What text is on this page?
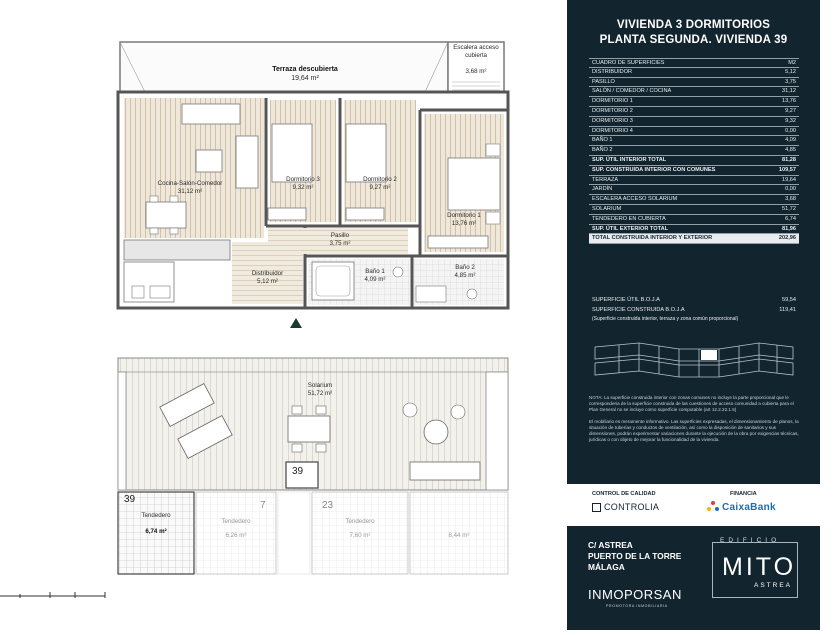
Terraza descubierta
19,64 m²
Escalera acceso cubierta
3,68 m²
Cocina-Salón-Comedor
31,12 m²
Dormitorio 3
9,32 m²
Dormitorio 2
9,27 m²
Dormitorio 1
13,76 m²
Pasillo
3,75 m²
Distribuidor
5,12 m²
Baño 1
4,09 m²
Baño 2
4,85 m²
Solarium
51,72 m²
39
39
Tendedero
6,74 m²
7
Tendedero
6,26 m²
23
Tendedero
7,60 m²	8,44 m²
VIVIENDA 3 DORMITORIOS
PLANTA SEGUNDA. VIVIENDA 39
CUADRO DE SUPERFICIES	M2
DISTRIBUIDOR	5,12
PASILLO	3,75
SALÓN / COMEDOR / COCINA	31,12
DORMITORIO 1	13,76
DORMITORIO 2	9,27
DORMITORIO 3	9,32
DORMITORIO 4	0,00
BAÑO 1	4,09
BAÑO 2	4,85
SUP. ÚTIL INTERIOR TOTAL	81,28
SUP. CONSTRUIDA INTERIOR CON COMUNES	109,57
TERRAZA	19,64
JARDÍN	0,00
ESCALERA ACCESO SOLARIUM	3,68
SOLARIUM	51,72
TENDEDERO EN CUBIERTA	6,74
SUP. ÚTIL EXTERIOR TOTAL	81,96
TOTAL CONSTRUIDA INTERIOR Y EXTERIOR	202,96
SUPERFICIE ÚTIL B.O.J.A	59,54
SUPERFICIE CONSTRUIDA B.O.J.A	119,41
(Superficie construida interior, terraza y zona común proporcional)

NOTA: La superficie construida interior con zonas comunes no incluye la parte proporcional que le corresponderia de la superficie construida de las cuestiones de acceso comunidad a cubierta para el Plan General no se incluye como superficie computable (art 12.2.22.1.5)

El mobiliario es meramente informativo. Las superficies expresadas, el dimensionamiento de planos, la situación de tuberías y conductos de ventilación, así como la disposición de sanitarios y sus dimensiones, podrán experimentar variaciones durante la ejecución de la obra por exigencias técnicas, jurídicas o con objeto de mejorar la funcionalidad de la vivienda.

CONTROL DE CALIDAD
CONTROLIA
FINANCIA
CaixaBank
C/ ASTREA
PUERTO DE LA TORRE
MÁLAGA
INMOPORSAN
PROMOTORA INMOBILIARIA
EDIFICIO
MITO
ASTREA
